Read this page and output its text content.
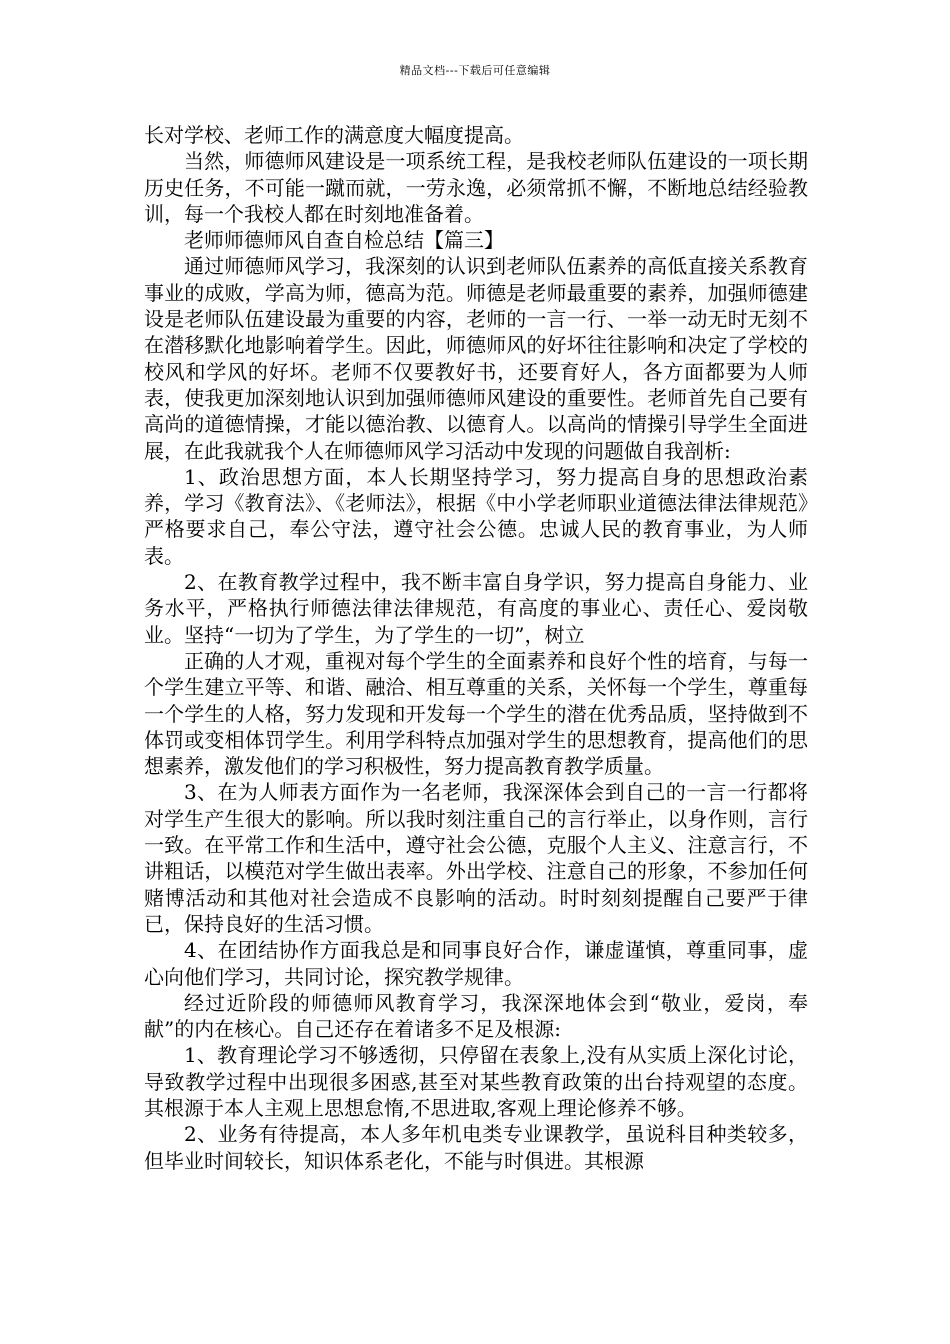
精品文档---下载后可任意编辑

长对学校、老师工作的满意度大幅度提高。

当然，师德师风建设是一项系统工程，是我校老师队伍建设的一项长期历史任务，不可能一蹴而就，一劳永逸，必须常抓不懈，不断地总结经验教训，每一个我校人都在时刻地准备着。

老师师德师风自查自检总结【篇三】

通过师德师风学习，我深刻的认识到老师队伍素养的高低直接关系教育事业的成败，学高为师，德高为范。师德是老师最重要的素养，加强师德建设是老师队伍建设最为重要的内容，老师的一言一行、一举一动无时无刻不在潜移默化地影响着学生。因此，师德师风的好坏往往影响和决定了学校的校风和学风的好坏。老师不仅要教好书，还要育好人，各方面都要为人师表，使我更加深刻地认识到加强师德师风建设的重要性。老师首先自己要有高尚的道德情操，才能以德治教、以德育人。以高尚的情操引导学生全面进展，在此我就我个人在师德师风学习活动中发现的问题做自我剖析:

1、政治思想方面，本人长期坚持学习，努力提高自身的思想政治素养，学习《教育法》、《老师法》，根据《中小学老师职业道德法律法律规范》严格要求自己，奉公守法，遵守社会公德。忠诚人民的教育事业，为人师表。

2、在教育教学过程中，我不断丰富自身学识，努力提高自身能力、业务水平，严格执行师德法律法律规范，有高度的事业心、责任心、爱岗敬业。坚持“一切为了学生，为了学生的一切”，树立

正确的人才观，重视对每个学生的全面素养和良好个性的培育，与每一个学生建立平等、和谐、融洽、相互尊重的关系，关怀每一个学生，尊重每一个学生的人格，努力发现和开发每一个学生的潜在优秀品质，坚持做到不体罚或变相体罚学生。利用学科特点加强对学生的思想教育，提高他们的思想素养，激发他们的学习积极性，努力提高教育教学质量。

3、在为人师表方面作为一名老师，我深深体会到自己的一言一行都将对学生产生很大的影响。所以我时刻注重自己的言行举止，以身作则，言行一致。在平常工作和生活中，遵守社会公德，克服个人主义、注意言行，不讲粗话，以模范对学生做出表率。外出学校、注意自己的形象，不参加任何赌博活动和其他对社会造成不良影响的活动。时时刻刻提醒自己要严于律已，保持良好的生活习惯。

4、在团结协作方面我总是和同事良好合作，谦虚谨慎，尊重同事，虚心向他们学习，共同讨论，探究教学规律。

经过近阶段的师德师风教育学习，我深深地体会到“敬业，爱岗，奉献”的内在核心。自己还存在着诸多不足及根源:

1、教育理论学习不够透彻，只停留在表象上,没有从实质上深化讨论，导致教学过程中出现很多困惑,甚至对某些教育政策的出台持观望的态度。其根源于本人主观上思想怠惰,不思进取,客观上理论修养不够。

2、业务有待提高，本人多年机电类专业课教学，虽说科目种类较多，但毕业时间较长，知识体系老化，不能与时俱进。其根源
